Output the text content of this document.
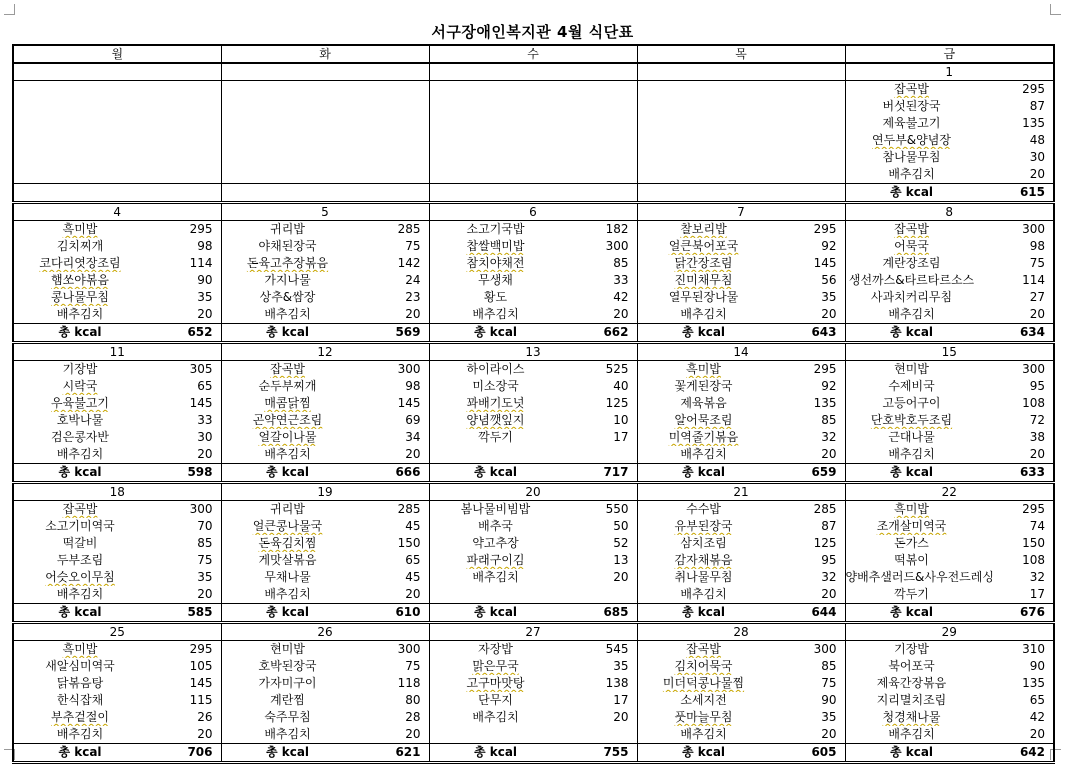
서구장애인복지관 4월 식단표
월	화	수	목	금
				1

				잡곡밥 295

				버섯된장국 87

				제육불고기 135

				연두부&양념장 48

				참나물무침 30

				배추김치 20

				총 kcal 615

4	5	6	7	8

흑미밥 295	귀리밥 285	소고기국밥 182	찰보리밥 295	잡곡밥 300

김치찌개 98	야채된장국 75	찹쌀백미밥 300	얼큰북어포국 92	어묵국 98

코다리엿장조림 114	돈육고추장볶음 142	참치야채전 85	닭간장조림 145	계란장조림 75

햄쏘야볶음 90	가지나물 24	무생채 33	진미채무침 56	생선까스&타르타르소스 114

콩나물무침 35	상추&쌈장 23	황도 42	열무된장나물 35	사과치커리무침 27

배추김치 20	배추김치 20	배추김치 20	배추김치 20	배추김치 20

총 kcal 652	총 kcal 569	총 kcal 662	총 kcal 643	총 kcal 634

11	12	13	14	15

기장밥 305	잡곡밥 300	하이라이스 525	흑미밥 295	현미밥 300

시락국 65	순두부찌개 98	미소장국 40	꽃게된장국 92	수제비국 95

우육불고기 145	매콤닭찜 145	꽈배기도넛 125	제육볶음 135	고등어구이 108

호박나물 33	곤약연근조림 69	양념깻잎지 10	알어묵조림 85	단호박호두조림 72

검은콩자반 30	얼갈이나물 34	깍두기 17	미역줄기볶음 32	근대나물 38

배추김치 20	배추김치 20		배추김치 20	배추김치 20

총 kcal 598	총 kcal 666	총 kcal 717	총 kcal 659	총 kcal 633

18	19	20	21	22

잡곡밥 300	귀리밥 285	봄나물비빔밥 550	수수밥 285	흑미밥 295

소고기미역국 70	얼큰콩나물국 45	배추국 50	유부된장국 87	조개살미역국 74

떡갈비 85	돈육김치찜 150	약고추장 52	삼치조림 125	돈가스 150

두부조림 75	게맛살볶음 65	파래구이김 13	감자채볶음 95	떡볶이 108

어슷오이무침 35	무채나물 45	배추김치 20	취나물무침 32	양배추샐러드&사우전드레싱 32

배추김치 20	배추김치 20		배추김치 20	깍두기 17

총 kcal 585	총 kcal 610	총 kcal 685	총 kcal 644	총 kcal 676

25	26	27	28	29

흑미밥 295	현미밥 300	자장밥 545	잡곡밥 300	기장밥 310

새알심미역국 105	호박된장국 75	맑은무국 35	김치어묵국 85	북어포국 90

닭볶음탕 145	가자미구이 118	고구마맛탕 138	미더덕콩나물찜 75	제육간장볶음 135

한식잡채 115	계란찜 80	단무지 17	소세지전 90	지리멸치조림 65

부추겉절이 26	숙주무침 28	배추김치 20	풋마늘무침 35	청경채나물 42

배추김치 20	배추김치 20		배추김치 20	배추김치 20

총 kcal 706	총 kcal 621	총 kcal 755	총 kcal 605	총 kcal 642
